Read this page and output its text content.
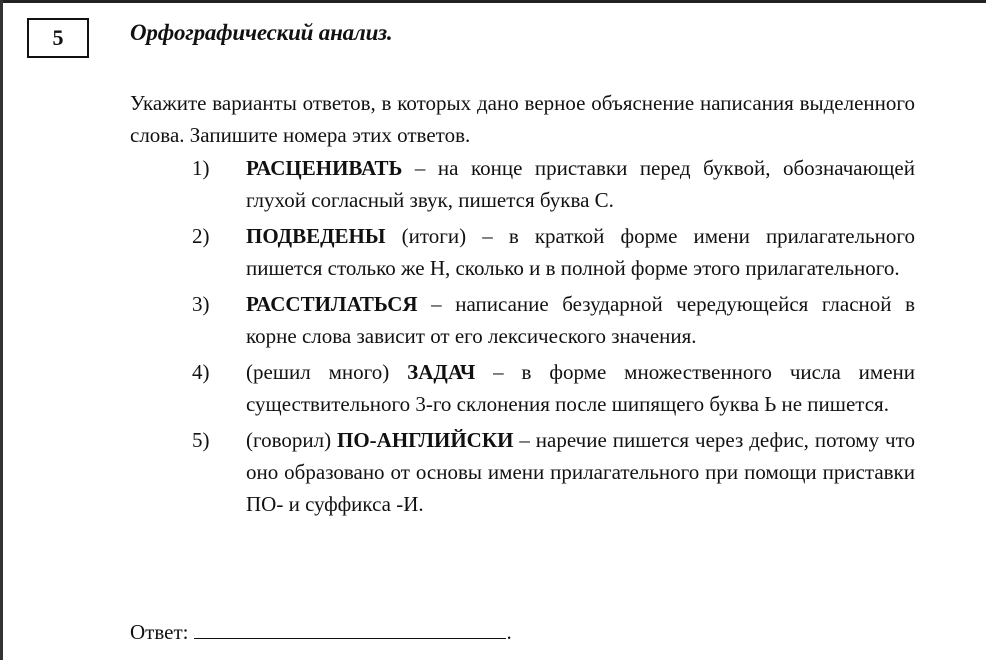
5	Орфографический анализ.
Укажите варианты ответов, в которых дано верное объяснение написания выделенного слова. Запишите номера этих ответов.
1)	РАСЦЕНИВАТЬ – на конце приставки перед буквой, обозначающей глухой согласный звук, пишется буква С.
2)	ПОДВЕДЕНЫ (итоги) – в краткой форме имени прилагательного пишется столько же Н, сколько и в полной форме этого прилагательного.
3)	РАССТИЛАТЬСЯ – написание безударной чередующейся гласной в корне слова зависит от его лексического значения.
4)	(решил много) ЗАДАЧ – в форме множественного числа имени существительного 3-го склонения после шипящего буква Ь не пишется.
5)	(говорил) ПО-АНГЛИЙСКИ – наречие пишется через дефис, потому что оно образовано от основы имени прилагательного при помощи приставки ПО- и суффикса -И.
Ответ:	.
